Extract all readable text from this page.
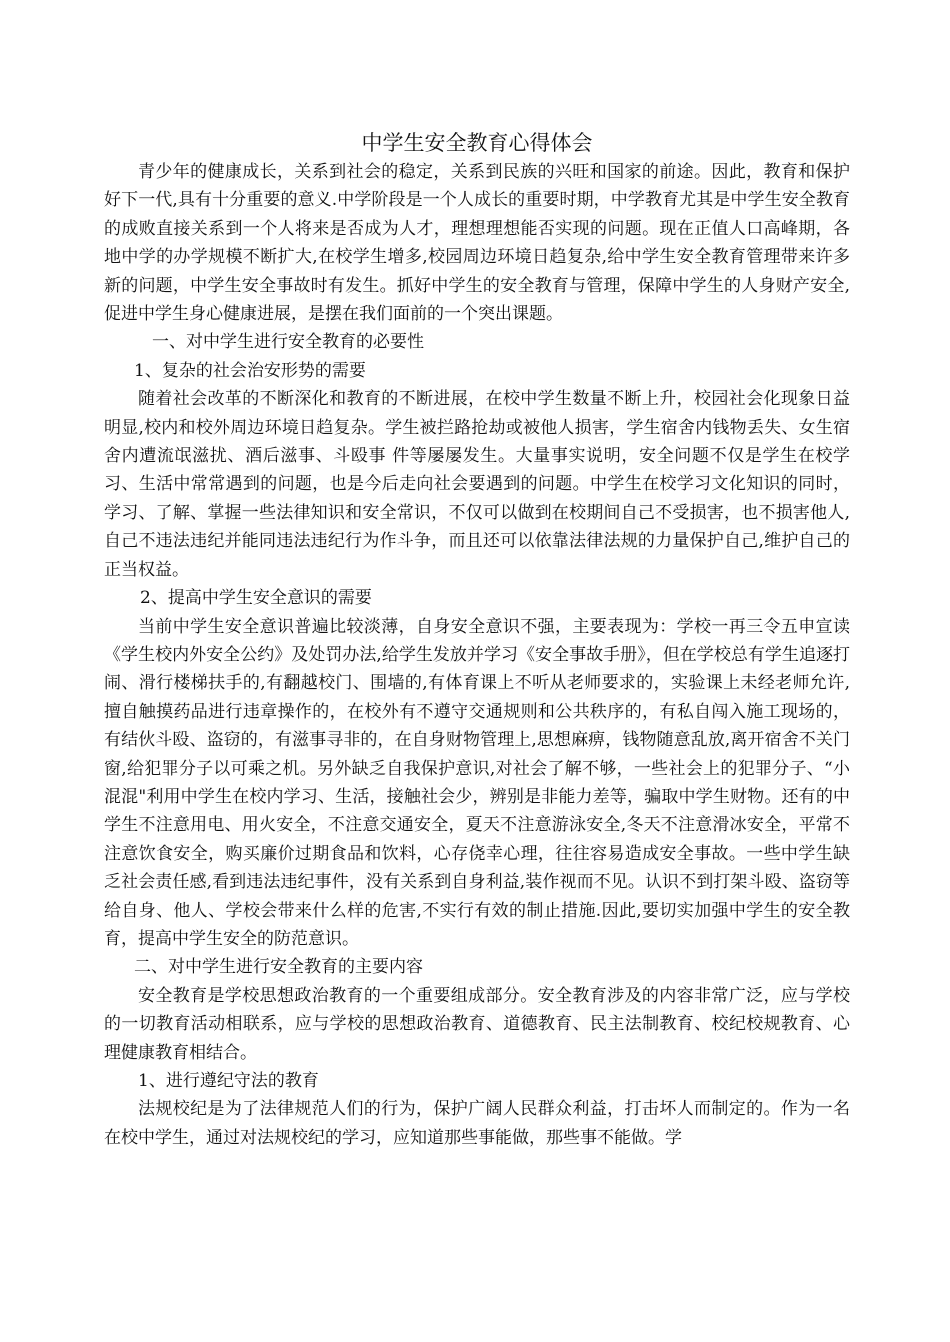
中学生安全教育心得体会

青少年的健康成长，关系到社会的稳定，关系到民族的兴旺和国家的前途。因此，教育和保护好下一代,具有十分重要的意义.中学阶段是一个人成长的重要时期，中学教育尤其是中学生安全教育的成败直接关系到一个人将来是否成为人才，理想理想能否实现的问题。现在正值人口高峰期，各地中学的办学规模不断扩大,在校学生增多,校园周边环境日趋复杂,给中学生安全教育管理带来许多新的问题，中学生安全事故时有发生。抓好中学生的安全教育与管理，保障中学生的人身财产安全,促进中学生身心健康进展，是摆在我们面前的一个突出课题。

一、对中学生进行安全教育的必要性
1、复杂的社会治安形势的需要

随着社会改革的不断深化和教育的不断进展，在校中学生数量不断上升，校园社会化现象日益明显,校内和校外周边环境日趋复杂。学生被拦路抢劫或被他人损害，学生宿舍内钱物丢失、女生宿舍内遭流氓滋扰、酒后滋事、斗殴事 件等屡屡发生。大量事实说明，安全问题不仅是学生在校学习、生活中常常遇到的问题，也是今后走向社会要遇到的问题。中学生在校学习文化知识的同时，学习、了解、掌握一些法律知识和安全常识，不仅可以做到在校期间自己不受损害，也不损害他人,自己不违法违纪并能同违法违纪行为作斗争，而且还可以依靠法律法规的力量保护自己,维护自己的正当权益。

2、提高中学生安全意识的需要

当前中学生安全意识普遍比较淡薄，自身安全意识不强，主要表现为：学校一再三令五申宣读《学生校内外安全公约》及处罚办法,给学生发放并学习《安全事故手册》，但在学校总有学生追逐打闹、滑行楼梯扶手的,有翻越校门、围墙的,有体育课上不听从老师要求的，实验课上未经老师允许,擅自触摸药品进行违章操作的，在校外有不遵守交通规则和公共秩序的，有私自闯入施工现场的，有结伙斗殴、盗窃的，有滋事寻非的，在自身财物管理上,思想麻痹，钱物随意乱放,离开宿舍不关门窗,给犯罪分子以可乘之机。另外缺乏自我保护意识,对社会了解不够，一些社会上的犯罪分子、“小混混"利用中学生在校内学习、生活，接触社会少，辨别是非能力差等，骗取中学生财物。还有的中学生不注意用电、用火安全，不注意交通安全，夏天不注意游泳安全,冬天不注意滑冰安全，平常不注意饮食安全，购买廉价过期食品和饮料，心存侥幸心理，往往容易造成安全事故。一些中学生缺乏社会责任感,看到违法违纪事件，没有关系到自身利益,装作视而不见。认识不到打架斗殴、盗窃等给自身、他人、学校会带来什么样的危害,不实行有效的制止措施.因此,要切实加强中学生的安全教育，提高中学生安全的防范意识。

二、对中学生进行安全教育的主要内容

安全教育是学校思想政治教育的一个重要组成部分。安全教育涉及的内容非常广泛，应与学校的一切教育活动相联系，应与学校的思想政治教育、道德教育、民主法制教育、校纪校规教育、心理健康教育相结合。

1、进行遵纪守法的教育

法规校纪是为了法律规范人们的行为，保护广阔人民群众利益，打击坏人而制定的。作为一名在校中学生，通过对法规校纪的学习，应知道那些事能做，那些事不能做。学
